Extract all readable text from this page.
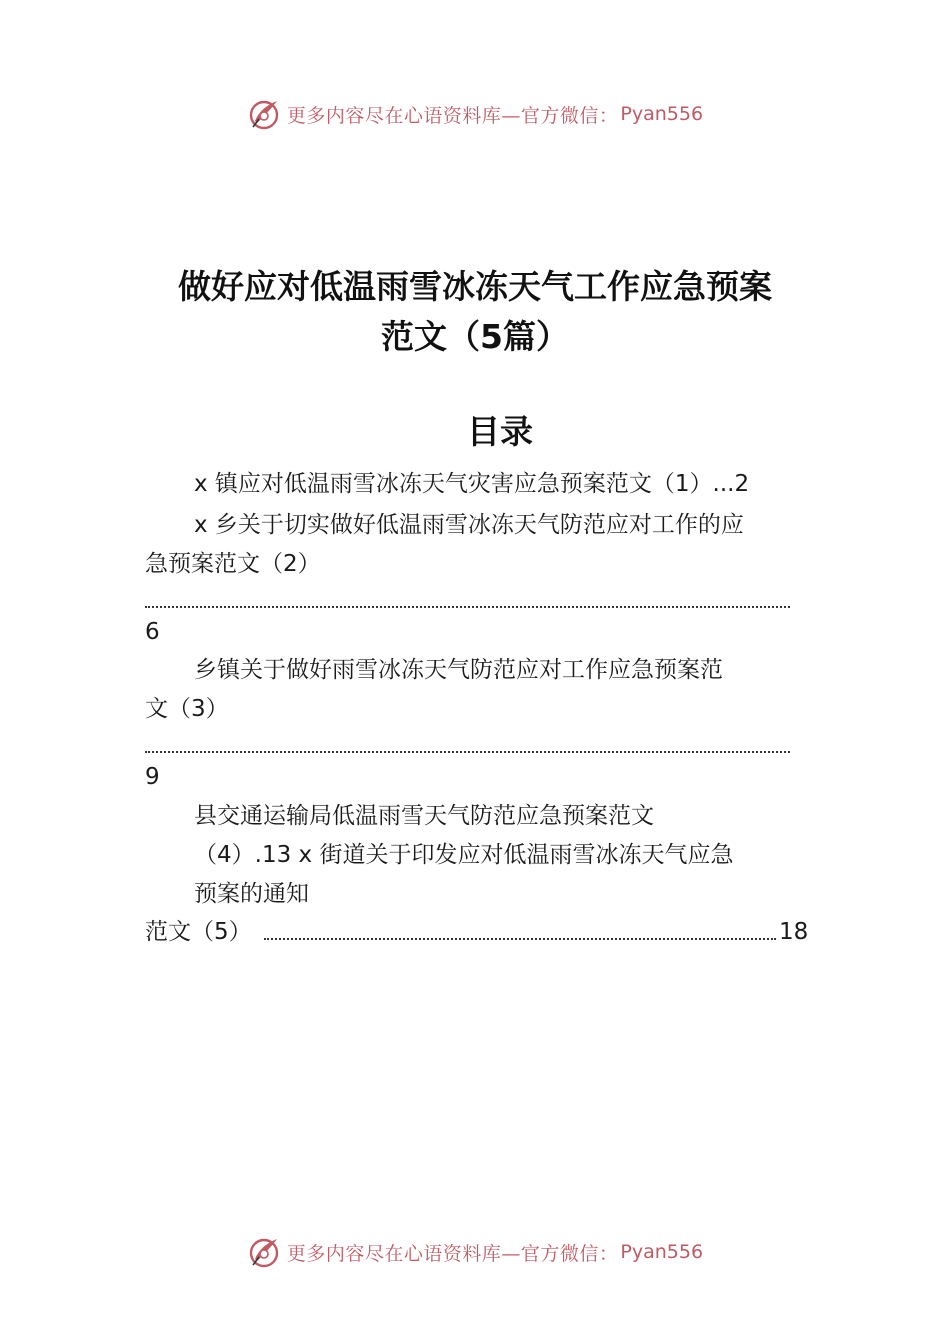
更多内容尽在心语资料库—官方微信： Pyan556
做好应对低温雨雪冰冻天气工作应急预案
范文（5篇）
目录
x 镇应对低温雨雪冰冻天气灾害应急预案范文（1）...2
x 乡关于切实做好低温雨雪冰冻天气防范应对工作的应
急预案范文（2）
6
乡镇关于做好雨雪冰冻天气防范应对工作应急预案范
文（3）
9
县交通运输局低温雨雪天气防范应急预案范文
（4）.13 x 街道关于印发应对低温雨雪冰冻天气应急
预案的通知
范文（5）	18
更多内容尽在心语资料库—官方微信： Pyan556
